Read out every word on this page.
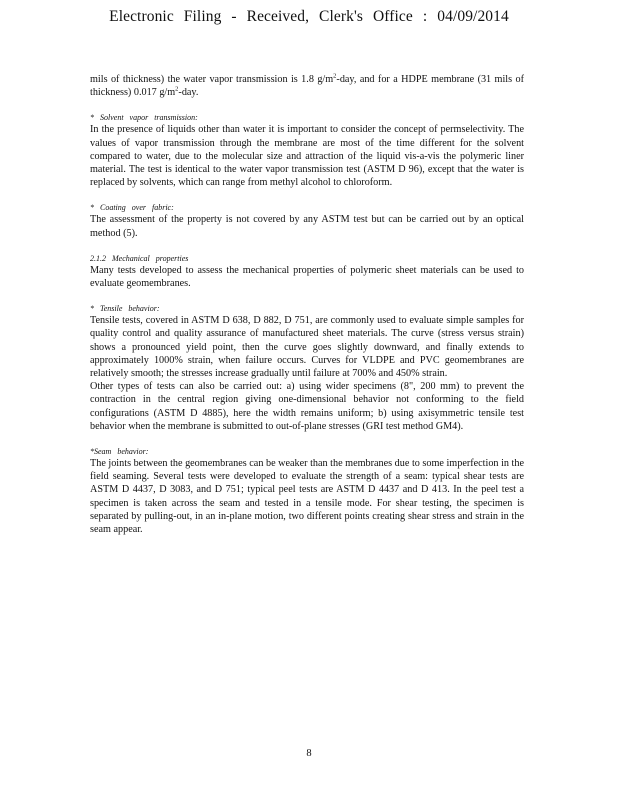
Electronic Filing - Received, Clerk's Office : 04/09/2014

mils of thickness) the water vapor transmission is 1.8 $g/m^2$-day, and for a HDPE membrane (31 mils of thickness) 0.017 $g/m^2$-day.

* Solvent vapor transmission:

In the presence of liquids other than water it is important to consider the concept of permselectivity. The values of vapor transmission through the membrane are most of the time different for the solvent compared to water, due to the molecular size and attraction of the liquid vis-a-vis the polymeric liner material. The test is identical to the water vapor transmission test (ASTM D 96), except that the water is replaced by solvents, which can range from methyl alcohol to chloroform.

* Coating over fabric:

The assessment of the property is not covered by any ASTM test but can be carried out by an optical method (5).

2.1.2 Mechanical properties

Many tests developed to assess the mechanical properties of polymeric sheet materials can be used to evaluate geomembranes.

* Tensile behavior:

Tensile tests, covered in ASTM D 638, D 882, D 751, are commonly used to evaluate simple samples for quality control and quality assurance of manufactured sheet materials. The curve (stress versus strain) shows a pronounced yield point, then the curve goes slightly downward, and finally extends to approximately 1000% strain, when failure occurs. Curves for VLDPE and PVC geomembranes are relatively smooth; the stresses increase gradually until failure at 700% and 450% strain.

Other types of tests can also be carried out: a) using wider specimens (8", 200 mm) to prevent the contraction in the central region giving one-dimensional behavior not conforming to the field configurations (ASTM D 4885), here the width remains uniform; b) using axisymmetric tensile test behavior when the membrane is submitted to out-of-plane stresses (GRI test method GM4).

*Seam behavior:

The joints between the geomembranes can be weaker than the membranes due to some imperfection in the field seaming. Several tests were developed to evaluate the strength of a seam: typical shear tests are ASTM D 4437, D 3083, and D 751; typical peel tests are ASTM D 4437 and D 413. In the peel test a specimen is taken across the seam and tested in a tensile mode. For shear testing, the specimen is separated by pulling-out, in an in-plane motion, two different points creating shear stress and strain in the seam appear.

8
